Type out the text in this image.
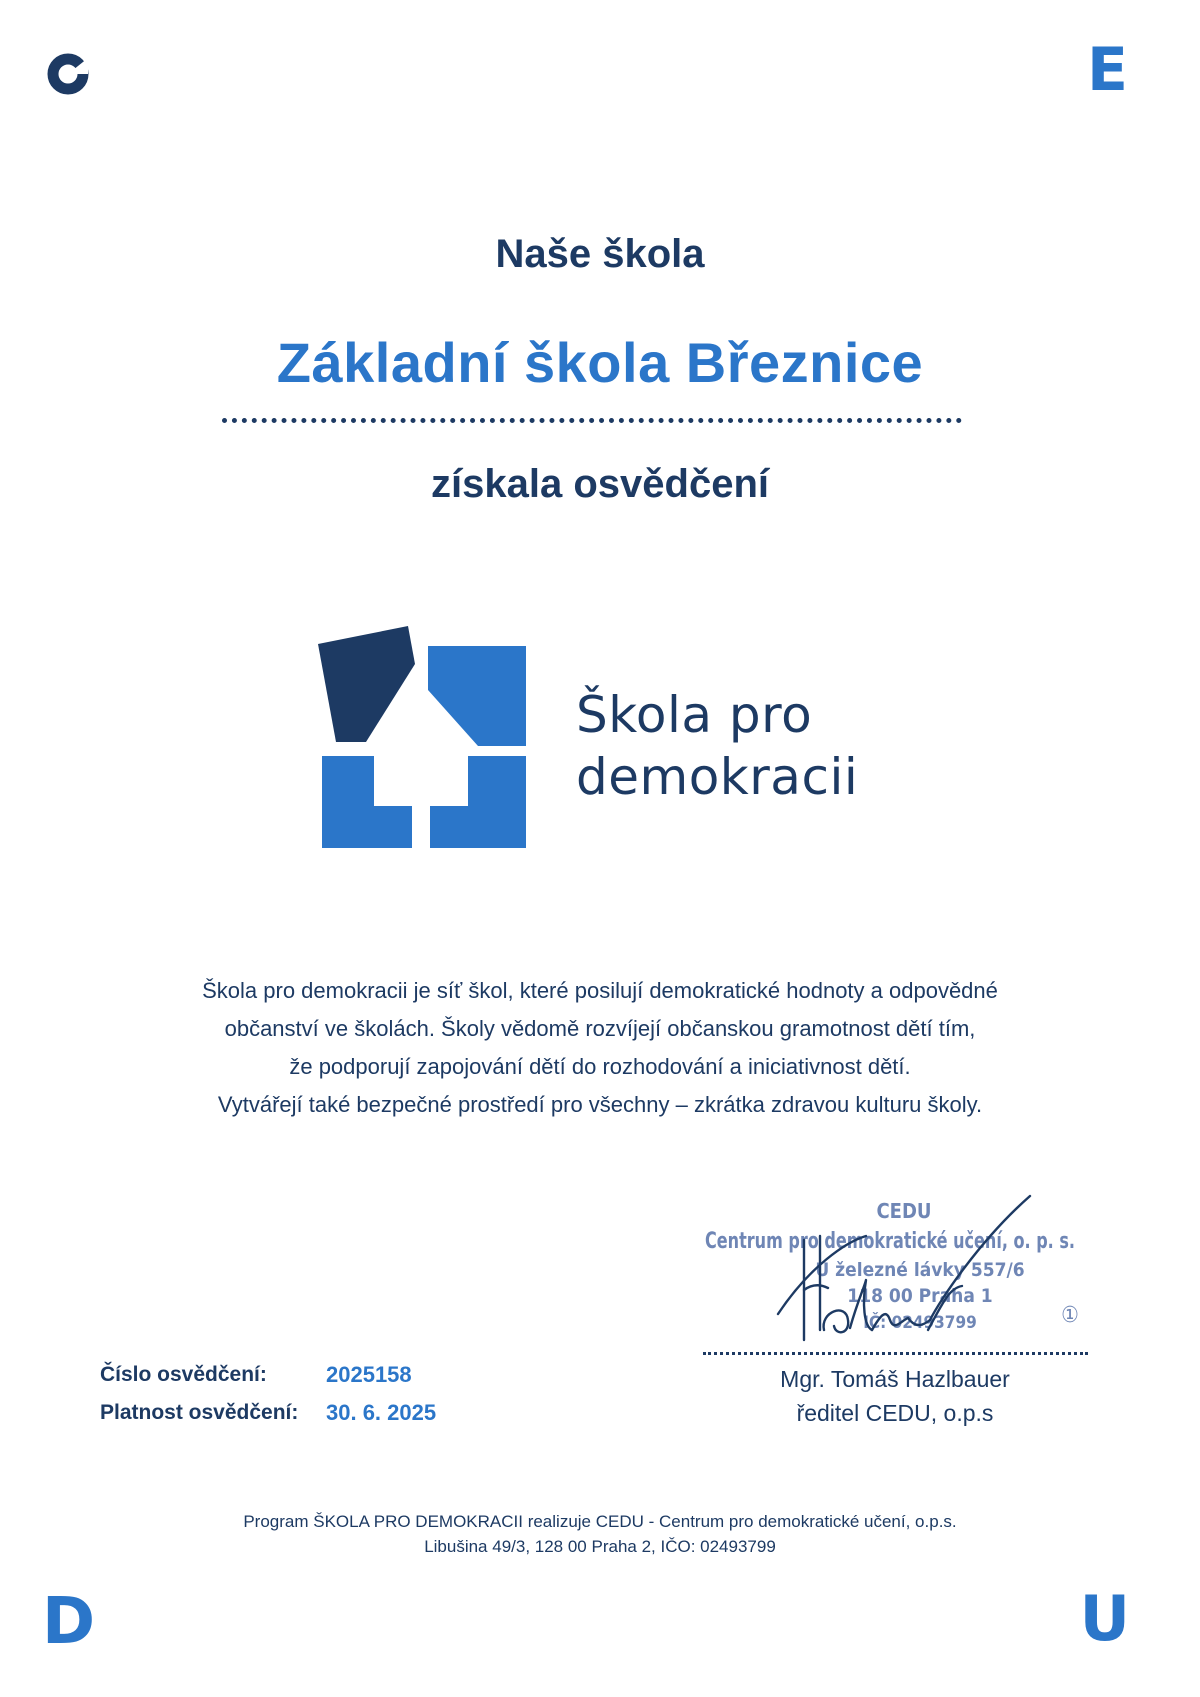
E
D	U
Naše škola
Základní škola Březnice
získala osvědčení
Škola pro
demokracii
Škola pro demokracii je síť škol, které posilují demokratické hodnoty a odpovědné
občanství ve školách. Školy vědomě rozvíjejí občanskou gramotnost dětí tím,
že podporují zapojování dětí do rozhodování a iniciativnost dětí.
Vytvářejí také bezpečné prostředí pro všechny – zkrátka zdravou kulturu školy.
CEDU
Centrum pro demokratické učení, o. p. s.
U železné lávky 557/6
118 00 Praha 1
IČ: 02493799	①
Mgr. Tomáš Hazlbauer
ředitel CEDU, o.p.s
Číslo osvědčení:	2025158
Platnost osvědčení:	30. 6. 2025
Program ŠKOLA PRO DEMOKRACII realizuje CEDU - Centrum pro demokratické učení, o.p.s.
Libušina 49/3, 128 00 Praha 2, IČO: 02493799
